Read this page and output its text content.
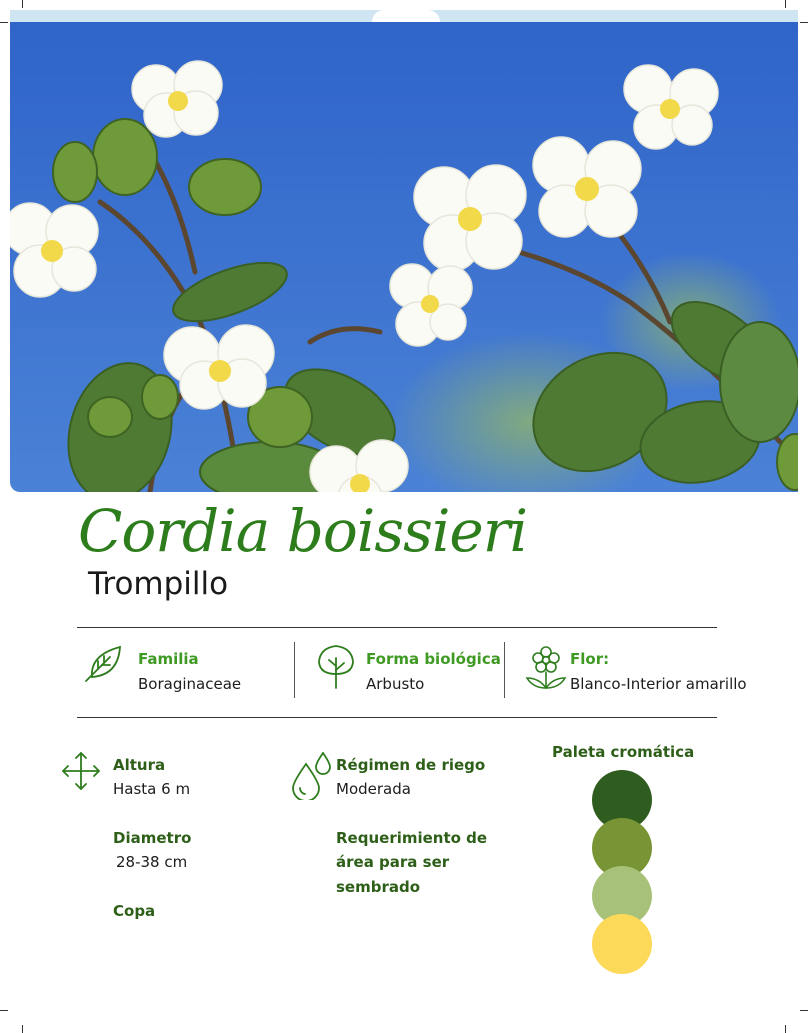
Cordia boissieri
Trompillo
Familia
Boraginaceae
Forma biológica
Arbusto
Flor:
Blanco-Interior amarillo
Altura
Hasta 6 m
Diametro
28-38 cm
Copa
Régimen de riego
Moderada
Requerimiento de
área para ser
sembrado
Paleta cromática
